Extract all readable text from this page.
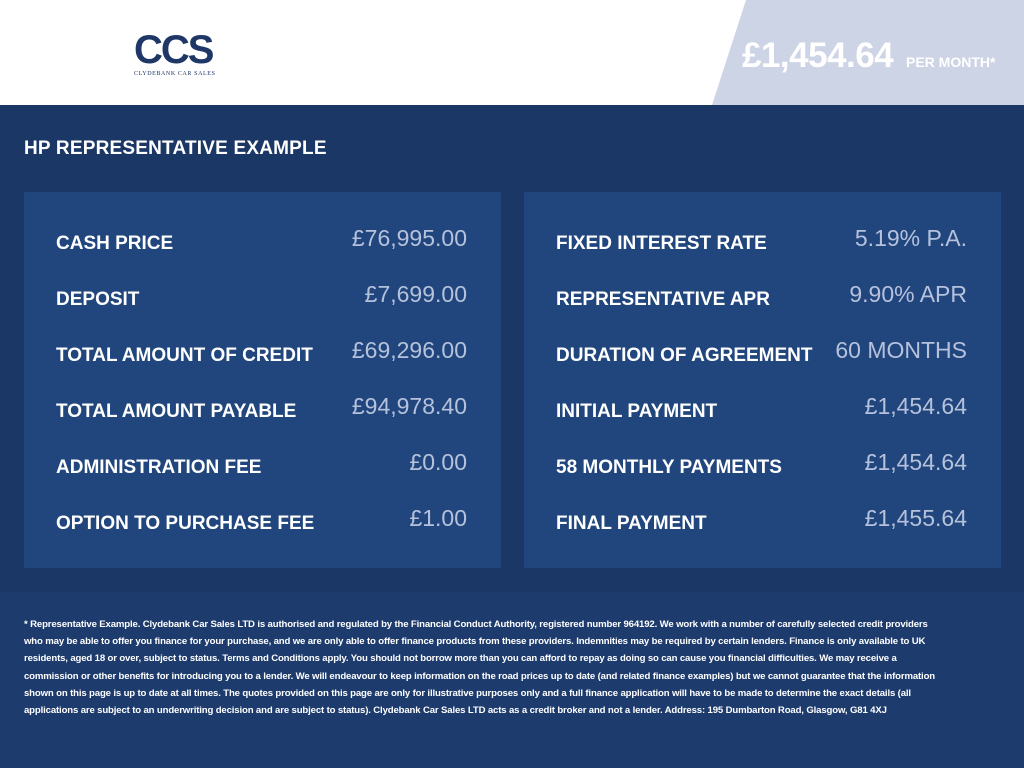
CCS
CLYDEBANK CAR SALES	£1,454.64 PER MONTH*
HP REPRESENTATIVE EXAMPLE
CASH PRICE	£76,995.00
DEPOSIT	£7,699.00
TOTAL AMOUNT OF CREDIT £69,296.00
TOTAL AMOUNT PAYABLE £94,978.40
ADMINISTRATION FEE	£0.00
OPTION TO PURCHASE FEE	£1.00
FIXED INTEREST RATE	5.19% P.A.
REPRESENTATIVE APR	9.90% APR
DURATION OF AGREEMENT 60 MONTHS
INITIAL PAYMENT	£1,454.64
58 MONTHLY PAYMENTS	£1,454.64
FINAL PAYMENT	£1,455.64
* Representative Example. Clydebank Car Sales LTD is authorised and regulated by the Financial Conduct Authority, registered number 964192. We work with a number of carefully selected credit providers who may be able to offer you finance for your purchase, and we are only able to offer finance products from these providers. Indemnities may be required by certain lenders. Finance is only available to UK residents, aged 18 or over, subject to status. Terms and Conditions apply. You should not borrow more than you can afford to repay as doing so can cause you financial difficulties. We may receive a commission or other benefits for introducing you to a lender. We will endeavour to keep information on the road prices up to date (and related finance examples) but we cannot guarantee that the information shown on this page is up to date at all times. The quotes provided on this page are only for illustrative purposes only and a full finance application will have to be made to determine the exact details (all applications are subject to an underwriting decision and are subject to status). Clydebank Car Sales LTD acts as a credit broker and not a lender. Address: 195 Dumbarton Road, Glasgow, G81 4XJ
